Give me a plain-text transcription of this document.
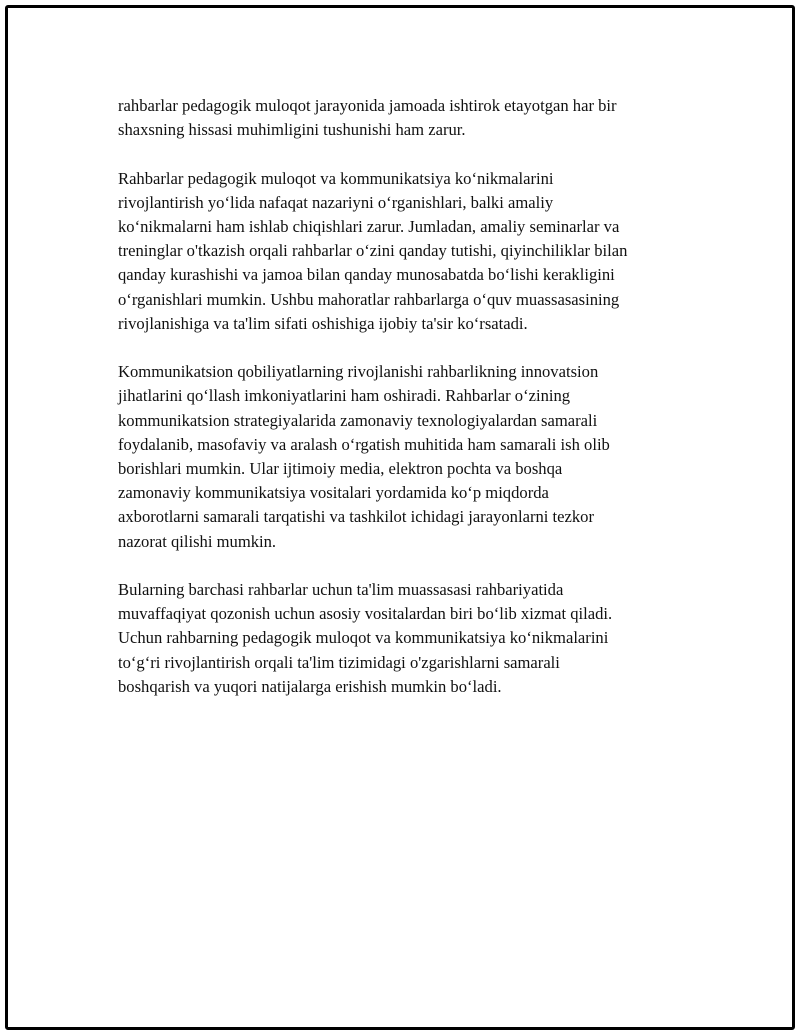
rahbarlar pedagogik muloqot jarayonida jamoada ishtirok etayotgan har bir
shaxsning hissasi muhimligini tushunishi ham zarur.

Rahbarlar pedagogik muloqot va kommunikatsiya koʻnikmalarini
rivojlantirish yoʻlida nafaqat nazariyni oʻrganishlari, balki amaliy
koʻnikmalarni ham ishlab chiqishlari zarur. Jumladan, amaliy seminarlar va
treninglar o'tkazish orqali rahbarlar oʻzini qanday tutishi, qiyinchiliklar bilan
qanday kurashishi va jamoa bilan qanday munosabatda boʻlishi kerakligini
oʻrganishlari mumkin. Ushbu mahoratlar rahbarlarga oʻquv muassasasining
rivojlanishiga va ta'lim sifati oshishiga ijobiy ta'sir koʻrsatadi.

Kommunikatsion qobiliyatlarning rivojlanishi rahbarlikning innovatsion
jihatlarini qoʻllash imkoniyatlarini ham oshiradi. Rahbarlar oʻzining
kommunikatsion strategiyalarida zamonaviy texnologiyalardan samarali
foydalanib, masofaviy va aralash oʻrgatish muhitida ham samarali ish olib
borishlari mumkin. Ular ijtimoiy media, elektron pochta va boshqa
zamonaviy kommunikatsiya vositalari yordamida koʻp miqdorda
axborotlarni samarali tarqatishi va tashkilot ichidagi jarayonlarni tezkor
nazorat qilishi mumkin.

Bularning barchasi rahbarlar uchun ta'lim muassasasi rahbariyatida
muvaffaqiyat qozonish uchun asosiy vositalardan biri boʻlib xizmat qiladi.
Uchun rahbarning pedagogik muloqot va kommunikatsiya koʻnikmalarini
toʻgʻri rivojlantirish orqali ta'lim tizimidagi o'zgarishlarni samarali
boshqarish va yuqori natijalarga erishish mumkin boʻladi.
